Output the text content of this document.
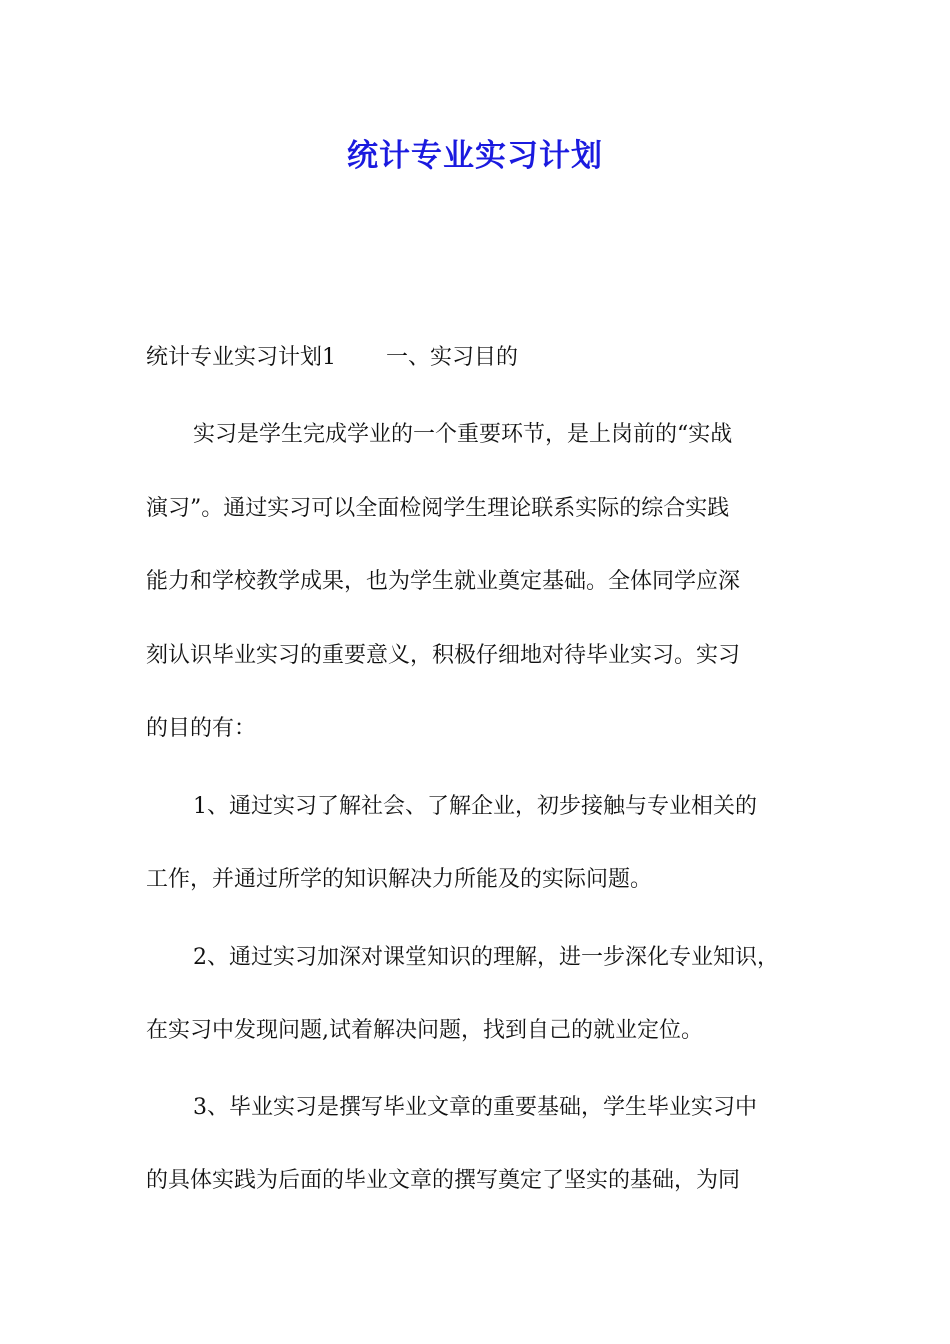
统计专业实习计划
统计专业实习计划1 一、实习目的
实习是学生完成学业的一个重要环节，是上岗前的“实战
演习”。通过实习可以全面检阅学生理论联系实际的综合实践
能力和学校教学成果，也为学生就业奠定基础。全体同学应深
刻认识毕业实习的重要意义，积极仔细地对待毕业实习。实习
的目的有：
1、通过实习了解社会、了解企业，初步接触与专业相关的
工作，并通过所学的知识解决力所能及的实际问题。
2、通过实习加深对课堂知识的理解，进一步深化专业知识，
在实习中发现问题,试着解决问题，找到自己的就业定位。
3、毕业实习是撰写毕业文章的重要基础，学生毕业实习中
的具体实践为后面的毕业文章的撰写奠定了坚实的基础，为同
